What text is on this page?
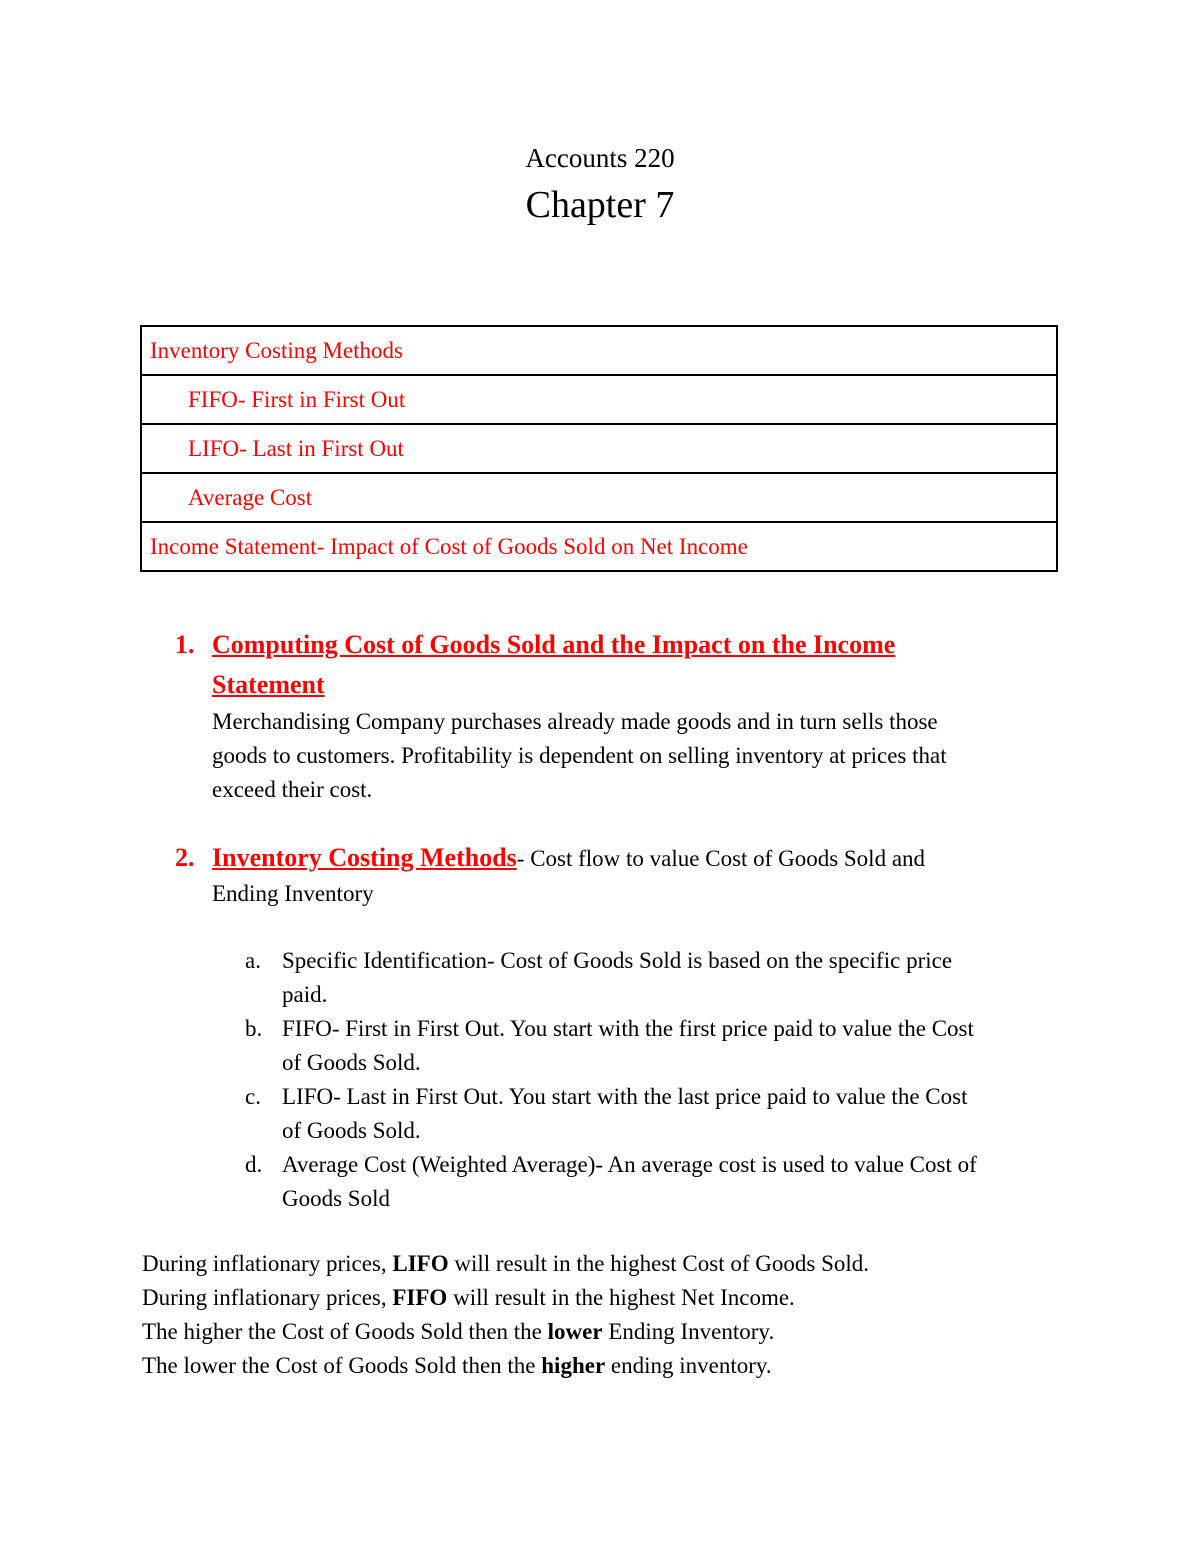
Accounts 220
Chapter 7
Inventory Costing Methods
FIFO- First in First Out
LIFO- Last in First Out
Average Cost
Income Statement- Impact of Cost of Goods Sold on Net Income
1. Computing Cost of Goods Sold and the Impact on the Income
Statement
Merchandising Company purchases already made goods and in turn sells those
goods to customers. Profitability is dependent on selling inventory at prices that
exceed their cost.
2. Inventory Costing Methods- Cost flow to value Cost of Goods Sold and
Ending Inventory
a. Specific Identification- Cost of Goods Sold is based on the specific price
paid.
b. FIFO- First in First Out. You start with the first price paid to value the Cost
of Goods Sold.
c. LIFO- Last in First Out. You start with the last price paid to value the Cost
of Goods Sold.
d. Average Cost (Weighted Average)- An average cost is used to value Cost of
Goods Sold
During inflationary prices, LIFO will result in the highest Cost of Goods Sold.
During inflationary prices, FIFO will result in the highest Net Income.
The higher the Cost of Goods Sold then the lower Ending Inventory.
The lower the Cost of Goods Sold then the higher ending inventory.
